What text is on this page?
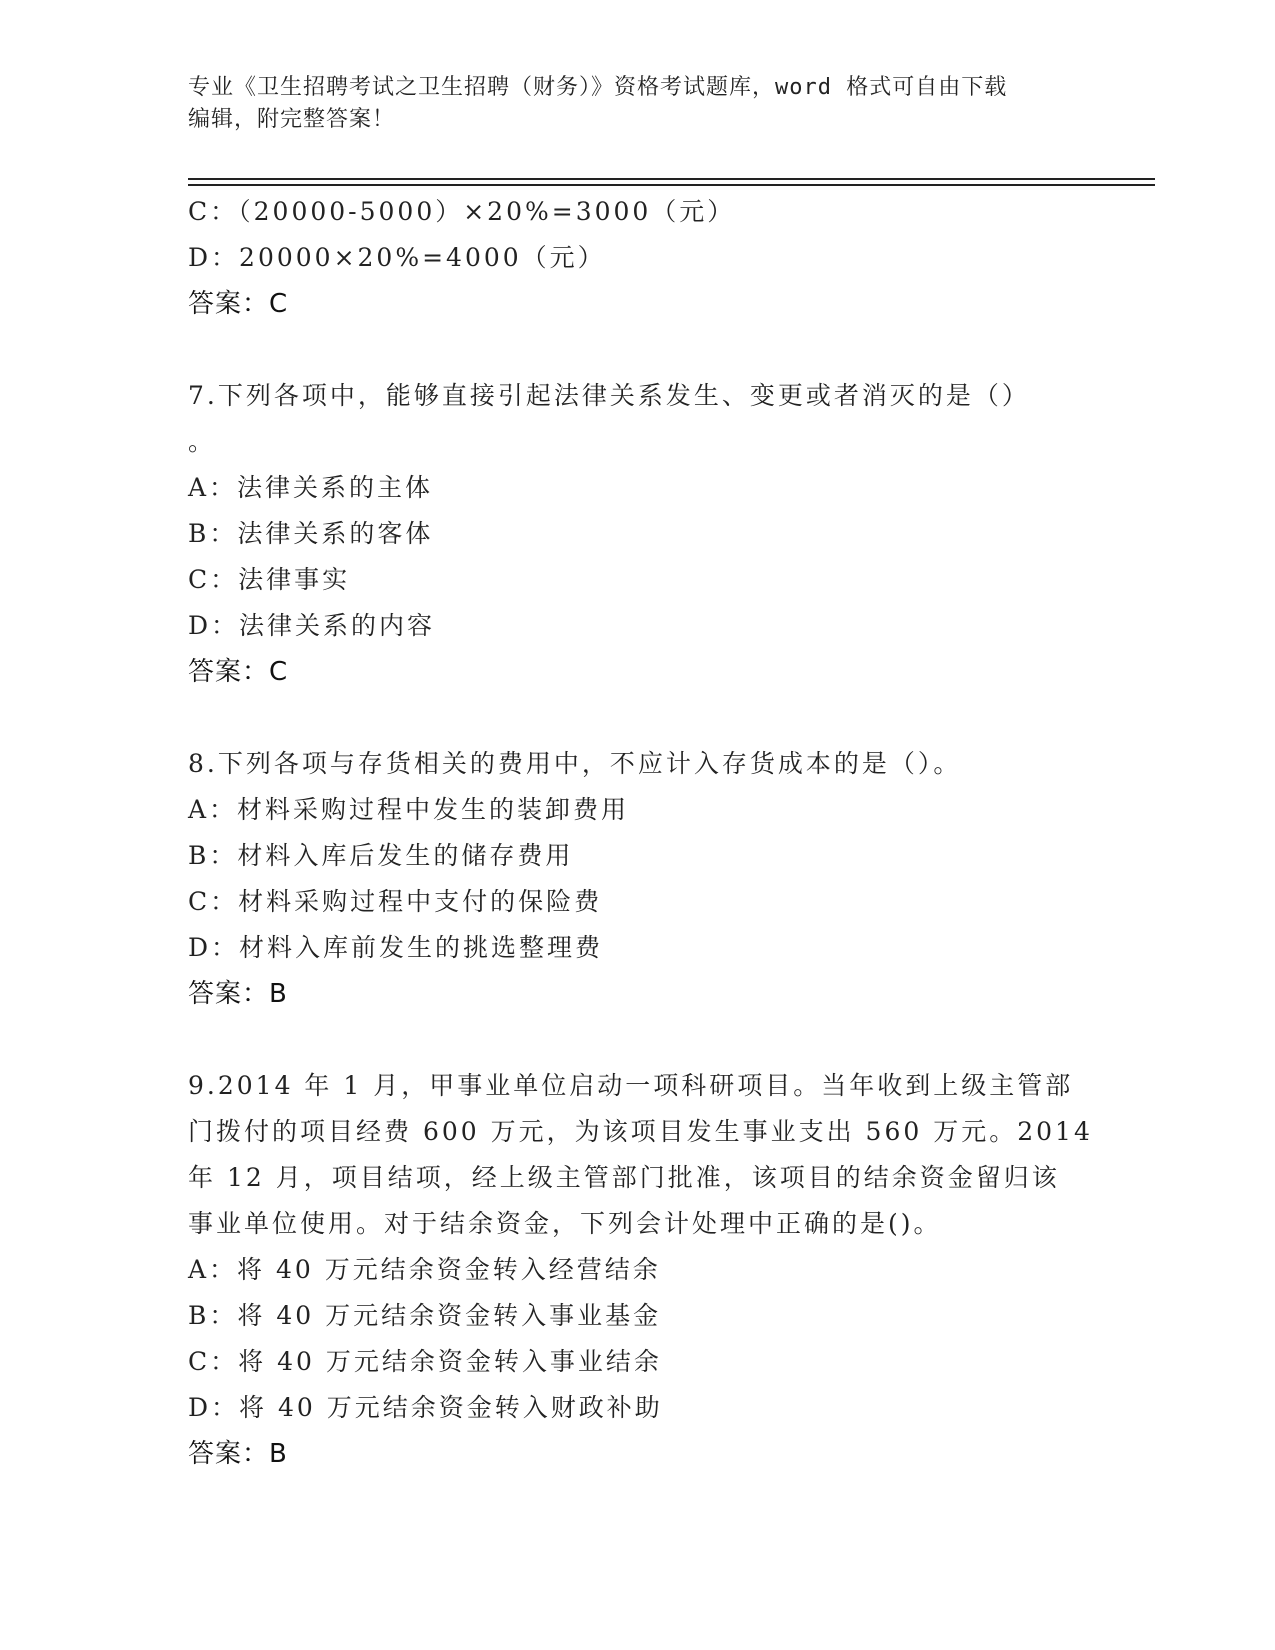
专业《卫生招聘考试之卫生招聘（财务）》资格考试题库，word 格式可自由下载
编辑，附完整答案！
C：（20000-5000）×20%=3000（元）
D：20000×20%=4000（元）
答案：C
7.下列各项中，能够直接引起法律关系发生、变更或者消灭的是（）
。
A：法律关系的主体
B：法律关系的客体
C：法律事实
D：法律关系的内容
答案：C
8.下列各项与存货相关的费用中，不应计入存货成本的是（）。
A：材料采购过程中发生的装卸费用
B：材料入库后发生的储存费用
C：材料采购过程中支付的保险费
D：材料入库前发生的挑选整理费
答案：B
9.2014 年 1 月，甲事业单位启动一项科研项目。当年收到上级主管部
门拨付的项目经费 600 万元，为该项目发生事业支出 560 万元。2014
年 12 月，项目结项，经上级主管部门批准，该项目的结余资金留归该
事业单位使用。对于结余资金，下列会计处理中正确的是()。
A：将 40 万元结余资金转入经营结余
B：将 40 万元结余资金转入事业基金
C：将 40 万元结余资金转入事业结余
D：将 40 万元结余资金转入财政补助
答案：B
